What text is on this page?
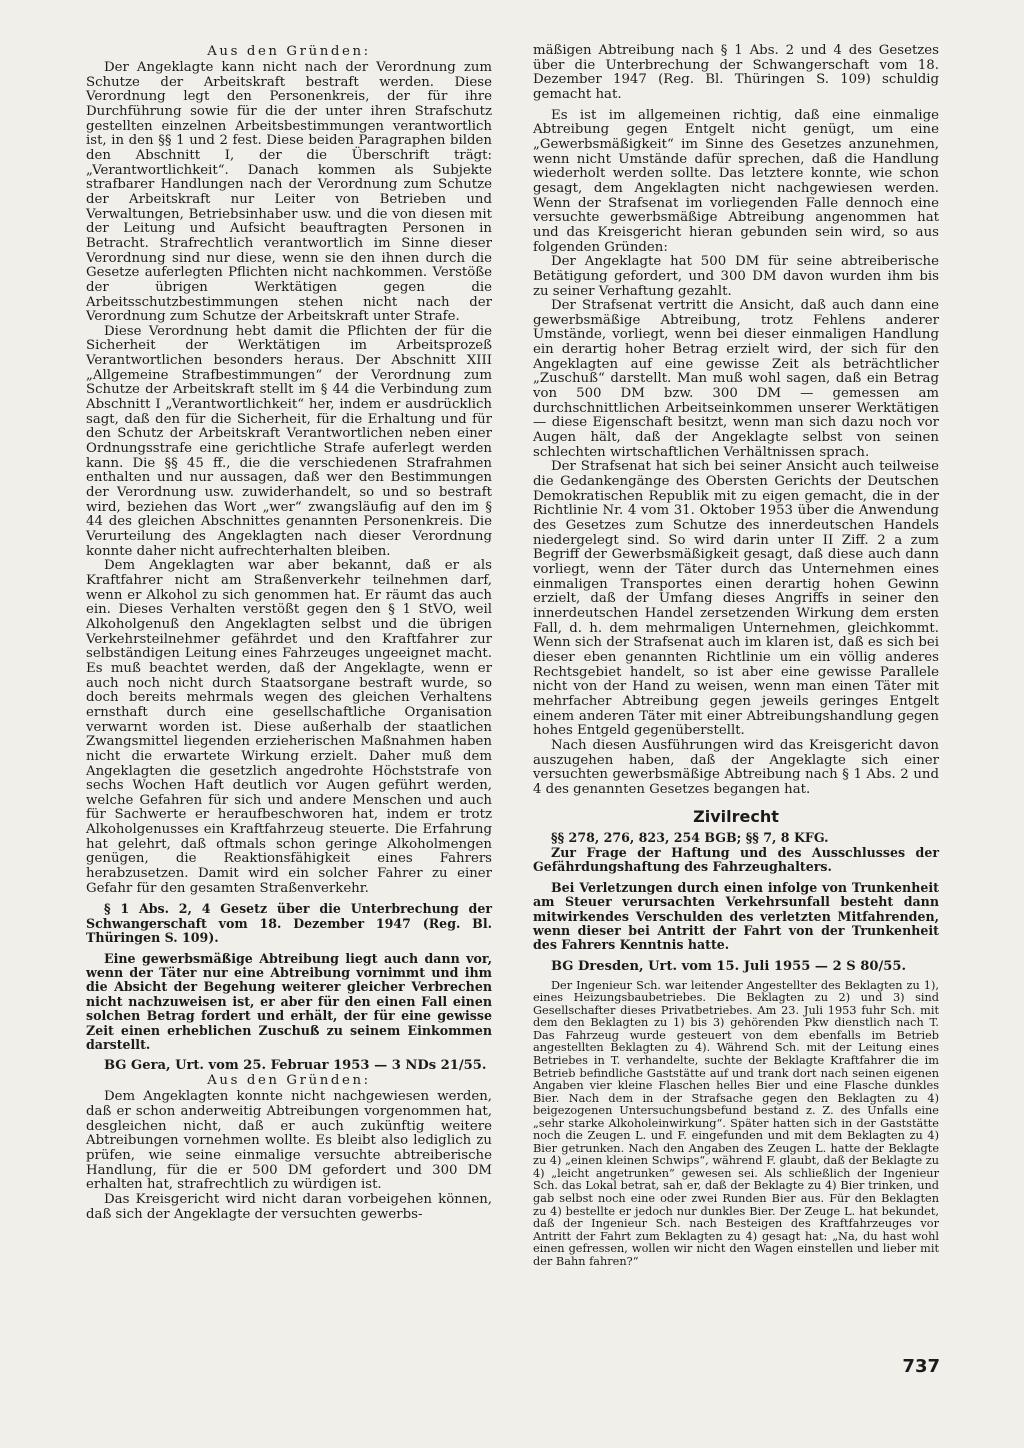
Aus den Gründen:

Der Angeklagte kann nicht nach der Verordnung zum Schutze der Arbeitskraft bestraft werden. Diese Verordnung legt den Personenkreis, der für ihre Durchführung sowie für die der unter ihren Strafschutz gestellten einzelnen Arbeitsbestimmungen verantwortlich ist, in den §§ 1 und 2 fest. Diese beiden Paragraphen bilden den Abschnitt I, der die Überschrift trägt: „Verantwortlichkeit“. Danach kommen als Subjekte strafbarer Handlungen nach der Verordnung zum Schutze der Arbeitskraft nur Leiter von Betrieben und Verwaltungen, Betriebsinhaber usw. und die von diesen mit der Leitung und Aufsicht beauftragten Personen in Betracht. Strafrechtlich verantwortlich im Sinne dieser Verordnung sind nur diese, wenn sie den ihnen durch die Gesetze auferlegten Pflichten nicht nachkommen. Verstöße der übrigen Werktätigen gegen die Arbeitsschutzbestimmungen stehen nicht nach der Verordnung zum Schutze der Arbeitskraft unter Strafe.

Diese Verordnung hebt damit die Pflichten der für die Sicherheit der Werktätigen im Arbeitsprozeß Verantwortlichen besonders heraus. Der Abschnitt XIII „Allgemeine Strafbestimmungen“ der Verordnung zum Schutze der Arbeitskraft stellt im § 44 die Verbindung zum Abschnitt I „Verantwortlichkeit“ her, indem er ausdrücklich sagt, daß den für die Sicherheit, für die Erhaltung und für den Schutz der Arbeitskraft Verantwortlichen neben einer Ordnungsstrafe eine gerichtliche Strafe auferlegt werden kann. Die §§ 45 ff., die die verschiedenen Strafrahmen enthalten und nur aussagen, daß wer den Bestimmungen der Verordnung usw. zuwiderhandelt, so und so bestraft wird, beziehen das Wort „wer“ zwangsläufig auf den im § 44 des gleichen Abschnittes genannten Personenkreis. Die Verurteilung des Angeklagten nach dieser Verordnung konnte daher nicht aufrechterhalten bleiben.

Dem Angeklagten war aber bekannt, daß er als Kraftfahrer nicht am Straßenverkehr teilnehmen darf, wenn er Alkohol zu sich genommen hat. Er räumt das auch ein. Dieses Verhalten verstößt gegen den § 1 StVO, weil Alkoholgenuß den Angeklagten selbst und die übrigen Verkehrsteilnehmer gefährdet und den Kraftfahrer zur selbständigen Leitung eines Fahrzeuges ungeeignet macht. Es muß beachtet werden, daß der Angeklagte, wenn er auch noch nicht durch Staatsorgane bestraft wurde, so doch bereits mehrmals wegen des gleichen Verhaltens ernsthaft durch eine gesellschaftliche Organisation verwarnt worden ist. Diese außerhalb der staatlichen Zwangsmittel liegenden erzieherischen Maßnahmen haben nicht die erwartete Wirkung erzielt. Daher muß dem Angeklagten die gesetzlich angedrohte Höchststrafe von sechs Wochen Haft deutlich vor Augen geführt werden, welche Gefahren für sich und andere Menschen und auch für Sachwerte er heraufbeschworen hat, indem er trotz Alkoholgenusses ein Kraftfahrzeug steuerte. Die Erfahrung hat gelehrt, daß oftmals schon geringe Alkoholmengen genügen, die Reaktionsfähigkeit eines Fahrers herabzusetzen. Damit wird ein solcher Fahrer zu einer Gefahr für den gesamten Straßenverkehr.

§ 1 Abs. 2, 4 Gesetz über die Unterbrechung der Schwangerschaft vom 18. Dezember 1947 (Reg. Bl. Thüringen S. 109).

Eine gewerbsmäßige Abtreibung liegt auch dann vor, wenn der Täter nur eine Abtreibung vornimmt und ihm die Absicht der Begehung weiterer gleicher Verbrechen nicht nachzuweisen ist, er aber für den einen Fall einen solchen Betrag fordert und erhält, der für eine gewisse Zeit einen erheblichen Zuschuß zu seinem Einkommen darstellt.

BG Gera, Urt. vom 25. Februar 1953 — 3 NDs 21/55.

Aus den Gründen:

Dem Angeklagten konnte nicht nachgewiesen werden, daß er schon anderweitig Abtreibungen vorgenommen hat, desgleichen nicht, daß er auch zukünftig weitere Abtreibungen vornehmen wollte. Es bleibt also lediglich zu prüfen, wie seine einmalige versuchte abtreiberische Handlung, für die er 500 DM gefordert und 300 DM erhalten hat, strafrechtlich zu würdigen ist.

Das Kreisgericht wird nicht daran vorbeigehen können, daß sich der Angeklagte der versuchten gewerbs-

mäßigen Abtreibung nach § 1 Abs. 2 und 4 des Gesetzes über die Unterbrechung der Schwangerschaft vom 18. Dezember 1947 (Reg. Bl. Thüringen S. 109) schuldig gemacht hat.

Es ist im allgemeinen richtig, daß eine einmalige Abtreibung gegen Entgelt nicht genügt, um eine „Gewerbsmäßigkeit“ im Sinne des Gesetzes anzunehmen, wenn nicht Umstände dafür sprechen, daß die Handlung wiederholt werden sollte. Das letztere konnte, wie schon gesagt, dem Angeklagten nicht nachgewiesen werden. Wenn der Strafsenat im vorliegenden Falle dennoch eine versuchte gewerbsmäßige Abtreibung angenommen hat und das Kreisgericht hieran gebunden sein wird, so aus folgenden Gründen:

Der Angeklagte hat 500 DM für seine abtreiberische Betätigung gefordert, und 300 DM davon wurden ihm bis zu seiner Verhaftung gezahlt.

Der Strafsenat vertritt die Ansicht, daß auch dann eine gewerbsmäßige Abtreibung, trotz Fehlens anderer Umstände, vorliegt, wenn bei dieser einmaligen Handlung ein derartig hoher Betrag erzielt wird, der sich für den Angeklagten auf eine gewisse Zeit als beträchtlicher „Zuschuß“ darstellt. Man muß wohl sagen, daß ein Betrag von 500 DM bzw. 300 DM — gemessen am durchschnittlichen Arbeitseinkommen unserer Werktätigen — diese Eigenschaft besitzt, wenn man sich dazu noch vor Augen hält, daß der Angeklagte selbst von seinen schlechten wirtschaftlichen Verhältnissen sprach.

Der Strafsenat hat sich bei seiner Ansicht auch teilweise die Gedankengänge des Obersten Gerichts der Deutschen Demokratischen Republik mit zu eigen gemacht, die in der Richtlinie Nr. 4 vom 31. Oktober 1953 über die Anwendung des Gesetzes zum Schutze des innerdeutschen Handels niedergelegt sind. So wird darin unter II Ziff. 2 a zum Begriff der Gewerbsmäßigkeit gesagt, daß diese auch dann vorliegt, wenn der Täter durch das Unternehmen eines einmaligen Transportes einen derartig hohen Gewinn erzielt, daß der Umfang dieses Angriffs in seiner den innerdeutschen Handel zersetzenden Wirkung dem ersten Fall, d. h. dem mehrmaligen Unternehmen, gleichkommt. Wenn sich der Strafsenat auch im klaren ist, daß es sich bei dieser eben genannten Richtlinie um ein völlig anderes Rechtsgebiet handelt, so ist aber eine gewisse Parallele nicht von der Hand zu weisen, wenn man einen Täter mit mehrfacher Abtreibung gegen jeweils geringes Entgelt einem anderen Täter mit einer Abtreibungshandlung gegen hohes Entgeld gegenüberstellt.

Nach diesen Ausführungen wird das Kreisgericht davon auszugehen haben, daß der Angeklagte sich einer versuchten gewerbsmäßige Abtreibung nach § 1 Abs. 2 und 4 des genannten Gesetzes begangen hat.

Zivilrecht

§§ 278, 276, 823, 254 BGB; §§ 7, 8 KFG.

Zur Frage der Haftung und des Ausschlusses der Gefährdungshaftung des Fahrzeughalters.

Bei Verletzungen durch einen infolge von Trunkenheit am Steuer verursachten Verkehrsunfall besteht dann mitwirkendes Verschulden des verletzten Mitfahrenden, wenn dieser bei Antritt der Fahrt von der Trunkenheit des Fahrers Kenntnis hatte.

BG Dresden, Urt. vom 15. Juli 1955 — 2 S 80/55.

Der Ingenieur Sch. war leitender Angestellter des Beklagten zu 1), eines Heizungsbaubetriebes. Die Beklagten zu 2) und 3) sind Gesellschafter dieses Privatbetriebes. Am 23. Juli 1953 fuhr Sch. mit dem den Beklagten zu 1) bis 3) gehörenden Pkw dienstlich nach T. Das Fahrzeug wurde gesteuert von dem ebenfalls im Betrieb angestellten Beklagten zu 4). Während Sch. mit der Leitung eines Betriebes in T. verhandelte, suchte der Beklagte Kraftfahrer die im Betrieb befindliche Gaststätte auf und trank dort nach seinen eigenen Angaben vier kleine Flaschen helles Bier und eine Flasche dunkles Bier. Nach dem in der Strafsache gegen den Beklagten zu 4) beigezogenen Untersuchungsbefund bestand z. Z. des Unfalls eine „sehr starke Alkoholeinwirkung“. Später hatten sich in der Gaststätte noch die Zeugen L. und F. eingefunden und mit dem Beklagten zu 4) Bier getrunken. Nach den Angaben des Zeugen L. hatte der Beklagte zu 4) „einen kleinen Schwips“, während F. glaubt, daß der Beklagte zu 4) „leicht angetrunken“ gewesen sei. Als schließlich der Ingenieur Sch. das Lokal betrat, sah er, daß der Beklagte zu 4) Bier trinken, und gab selbst noch eine oder zwei Runden Bier aus. Für den Beklagten zu 4) bestellte er jedoch nur dunkles Bier. Der Zeuge L. hat bekundet, daß der Ingenieur Sch. nach Besteigen des Kraftfahrzeuges vor Antritt der Fahrt zum Beklagten zu 4) gesagt hat: „Na, du hast wohl einen gefressen, wollen wir nicht den Wagen einstellen und lieber mit der Bahn fahren?“

737
